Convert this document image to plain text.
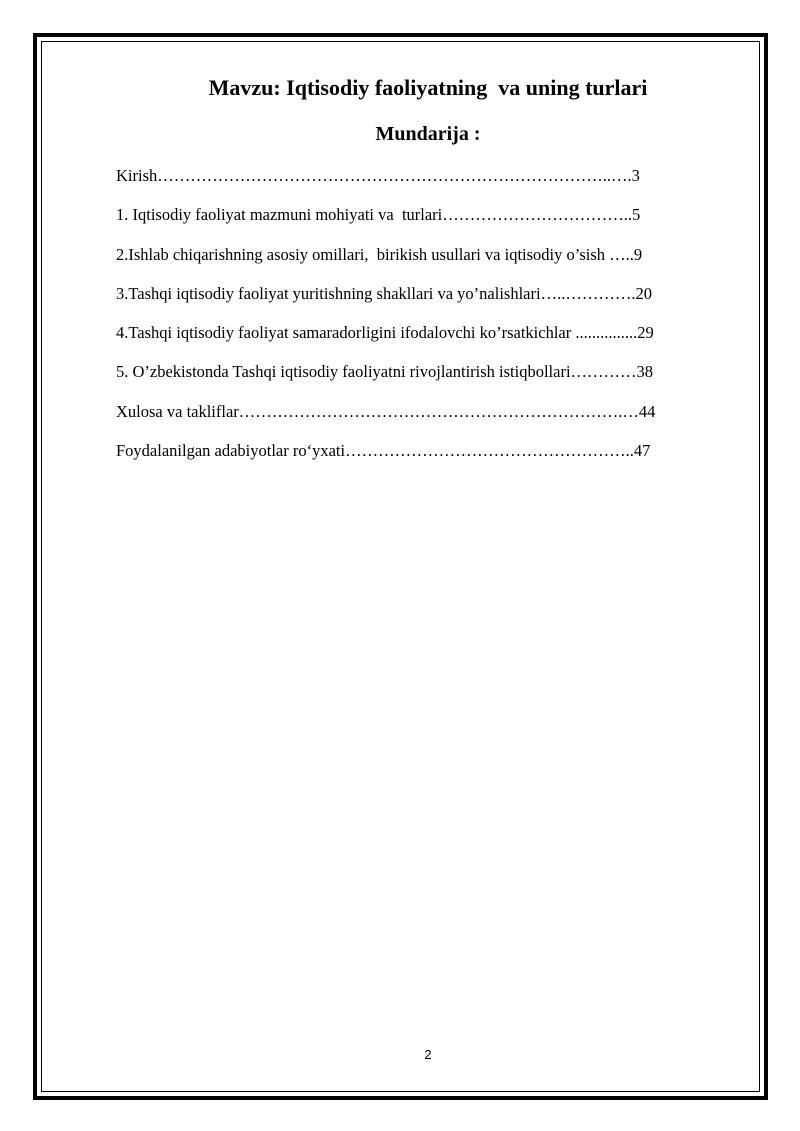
Mavzu: Iqtisodiy faoliyatning  va uning turlari
Mundarija :
Kirish………………………………………………………………………..….3
1. Iqtisodiy faoliyat mazmuni mohiyati va  turlari……………………………..5
2.Ishlab chiqarishning asosiy omillari,  birikish usullari va iqtisodiy o’sish …..9
3.Tashqi iqtisodiy faoliyat yuritishning shakllari va yo’nalishlari…..………….20
4.Tashqi iqtisodiy faoliyat samaradorligini ifodalovchi ko’rsatkichlar ...............29
5. O’zbekistonda Tashqi iqtisodiy faoliyatni rivojlantirish istiqbollari…………38
Xulosa va takliflar…………………………………………………………….…44
Foydalanilgan adabiyotlar ro‘yxati……………………………………………..47
2
